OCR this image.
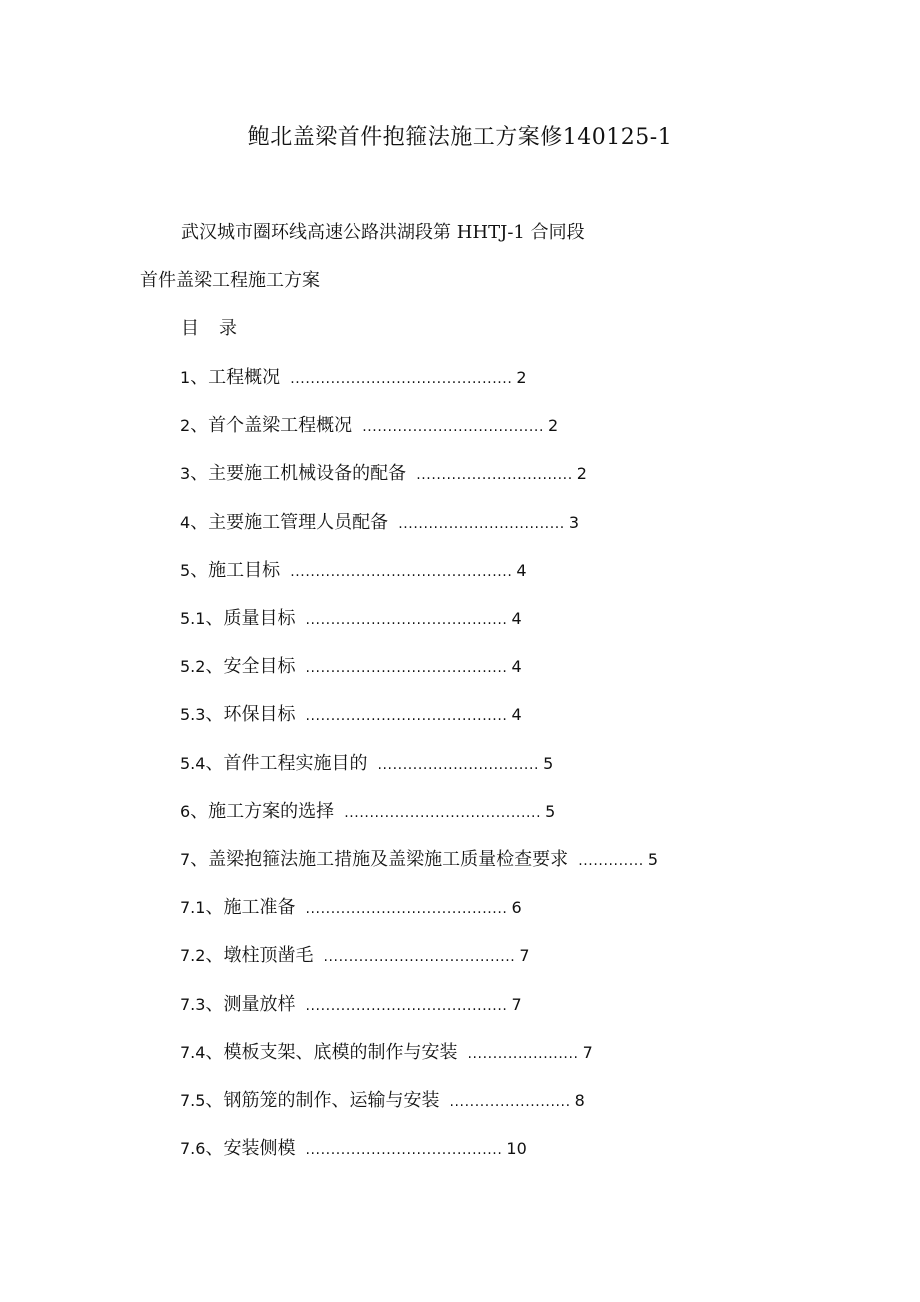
鲍北盖梁首件抱箍法施工方案修140125-1
武汉城市圈环线高速公路洪湖段第 HHTJ-1 合同段
首件盖梁工程施工方案
目 录
1、工程概况 ............................................ 2
2、首个盖梁工程概况 .................................... 2
3、主要施工机械设备的配备 ............................... 2
4、主要施工管理人员配备 ................................. 3
5、施工目标 ............................................ 4
5.1、质量目标 ........................................ 4
5.2、安全目标 ........................................ 4
5.3、环保目标 ........................................ 4
5.4、首件工程实施目的 ................................ 5
6、施工方案的选择 ....................................... 5
7、盖梁抱箍法施工措施及盖梁施工质量检查要求 ............. 5
7.1、施工准备 ........................................ 6
7.2、墩柱顶凿毛 ...................................... 7
7.3、测量放样 ........................................ 7
7.4、模板支架、底模的制作与安装 ...................... 7
7.5、钢筋笼的制作、运输与安装 ........................ 8
7.6、安装侧模 ....................................... 10
